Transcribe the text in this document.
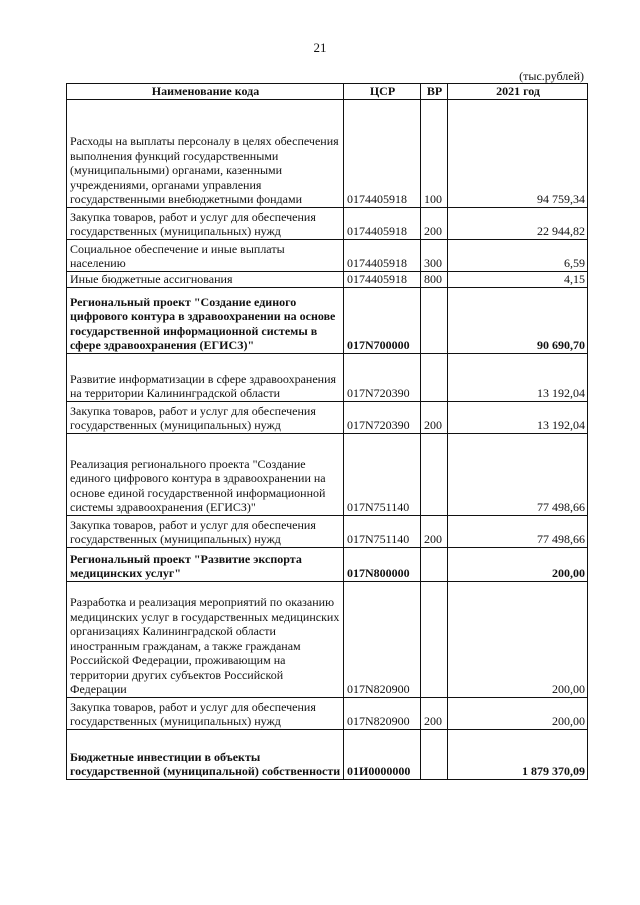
21
(тыс.рублей)
Наименование кода	ЦСР	ВР	2021 год
Расходы на выплаты персоналу в целях обеспечения выполнения функций государственными (муниципальными) органами, казенными учреждениями, органами управления государственными внебюджетными фондами	0174405918	100	94 759,34
Закупка товаров, работ и услуг для обеспечения государственных (муниципальных) нужд	0174405918	200	22 944,82
Социальное обеспечение и иные выплаты населению	0174405918	300	6,59
Иные бюджетные ассигнования	0174405918	800	4,15
Региональный проект "Создание единого цифрового контура в здравоохранении на основе государственной информационной системы в сфере здравоохранения (ЕГИСЗ)"	017N700000		90 690,70
Развитие информатизации в сфере здравоохранения на территории Калининградской области	017N720390		13 192,04
Закупка товаров, работ и услуг для обеспечения государственных (муниципальных) нужд	017N720390	200	13 192,04
Реализация регионального проекта "Создание единого цифрового контура в здравоохранении на основе единой государственной информационной системы здравоохранения (ЕГИСЗ)"	017N751140		77 498,66
Закупка товаров, работ и услуг для обеспечения государственных (муниципальных) нужд	017N751140	200	77 498,66
Региональный проект "Развитие экспорта медицинских услуг"	017N800000		200,00
Разработка и реализация мероприятий по оказанию медицинских услуг в государственных медицинских организациях Калининградской области иностранным гражданам, а также гражданам Российской Федерации, проживающим на территории других субъектов Российской Федерации	017N820900		200,00
Закупка товаров, работ и услуг для обеспечения государственных (муниципальных) нужд	017N820900	200	200,00
Бюджетные инвестиции в объекты государственной (муниципальной) собственности	01И0000000		1 879 370,09
